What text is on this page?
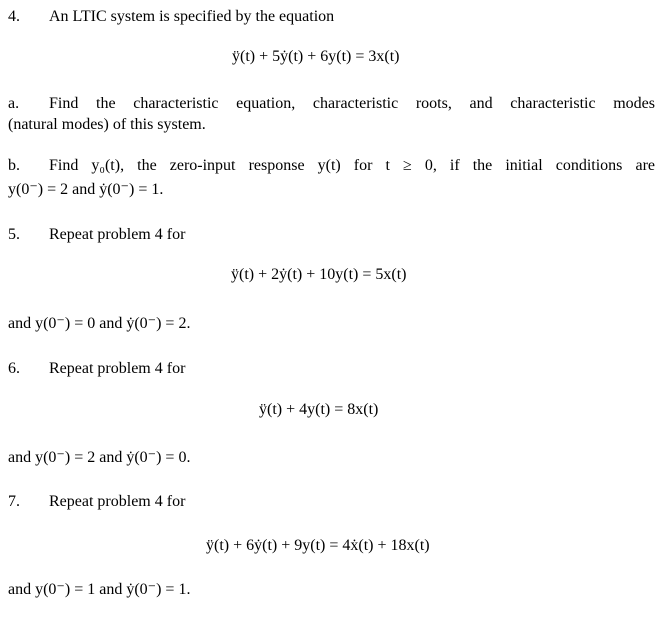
4. An LTIC system is specified by the equation
ÿ(t) + 5ẏ(t) + 6y(t) = 3x(t)
a. Find the characteristic equation, characteristic roots, and characteristic modes
(natural modes) of this system.
b. Find y₀(t), the zero-input response y(t) for t ≥ 0, if the initial conditions are
y(0⁻) = 2 and ẏ(0⁻) = 1.
5. Repeat problem 4 for
ÿ(t) + 2ẏ(t) + 10y(t) = 5x(t)
and y(0⁻) = 0 and ẏ(0⁻) = 2.
6. Repeat problem 4 for
ÿ(t) + 4y(t) = 8x(t)
and y(0⁻) = 2 and ẏ(0⁻) = 0.
7. Repeat problem 4 for
ÿ(t) + 6ẏ(t) + 9y(t) = 4ẋ(t) + 18x(t)
and y(0⁻) = 1 and ẏ(0⁻) = 1.
